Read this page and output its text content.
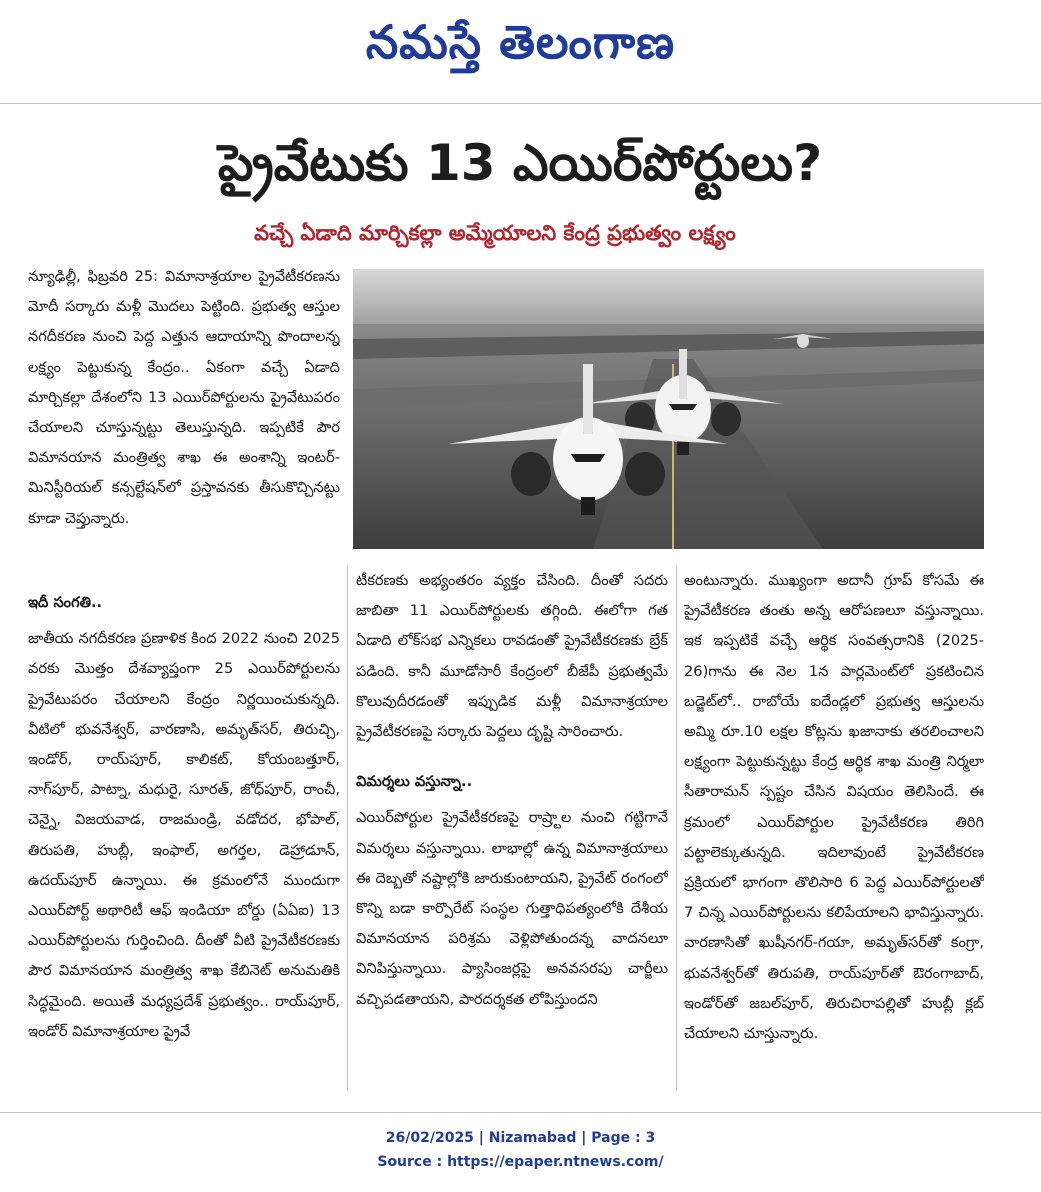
నమస్తే తెలంగాణ
ప్రైవేటుకు 13 ఎయిర్‌పోర్టులు?
వచ్చే ఏడాది మార్చికల్లా అమ్మేయాలని కేంద్ర ప్రభుత్వం లక్ష్యం

న్యూఢిల్లీ, ఫిబ్రవరి 25: విమానాశ్రయాల ప్రైవేటీకరణను మోదీ సర్కారు మళ్లీ మొదలు పెట్టింది. ప్రభుత్వ ఆస్తుల నగదీకరణ నుంచి పెద్ద ఎత్తున ఆదాయాన్ని పొందాలన్న లక్ష్యం పెట్టుకున్న కేంద్రం.. ఏకంగా వచ్చే ఏడాది మార్చికల్లా దేశంలోని 13 ఎయిర్‌పోర్టులను ప్రైవేటుపరం చేయాలని చూస్తున్నట్టు తెలుస్తున్నది. ఇప్పటికే పౌర విమానయాన మంత్రిత్వ శాఖ ఈ అంశాన్ని ఇంటర్-మినిస్టీరియల్ కన్సల్టేషన్‌లో ప్రస్తావనకు తీసుకొచ్చినట్టు కూడా చెప్తున్నారు.

ఇదీ సంగతి..

జాతీయ నగదీకరణ ప్రణాళిక కింద 2022 నుంచి 2025 వరకు మొత్తం దేశవ్యాప్తంగా 25 ఎయిర్‌పోర్టులను ప్రైవేటుపరం చేయాలని కేంద్రం నిర్ణయించుకున్నది. వీటిలో భువనేశ్వర్, వారణాసి, అమృత్‌సర్, తిరుచ్చి, ఇండోర్, రాయ్‌పూర్, కాలికట్, కోయంబత్తూర్, నాగ్‌పూర్, పాట్నా, మధురై, సూరత్, జోధ్‌పూర్, రాంచీ, చెన్నై, విజయవాడ, రాజమండ్రి, వడోదర, భోపాల్, తిరుపతి, హుబ్లీ, ఇంఫాల్, అగర్తల, డెహ్రాడూన్, ఉదయ్‌పూర్ ఉన్నాయి. ఈ క్రమంలోనే ముందుగా ఎయిర్‌పోర్ట్ అథారిటీ ఆఫ్ ఇండియా బోర్డు (ఏఏఐ) 13 ఎయిర్‌పోర్టులను గుర్తించింది. దీంతో వీటి ప్రైవేటీకరణకు పౌర విమానయాన మంత్రిత్వ శాఖ కేబినెట్ అనుమతికి సిద్ధమైంది. అయితే మధ్యప్రదేశ్ ప్రభుత్వం.. రాయ్‌పూర్, ఇండోర్ విమానాశ్రయాల ప్రైవే

టీకరణకు అభ్యంతరం వ్యక్తం చేసింది. దీంతో సదరు జాబితా 11 ఎయిర్‌పోర్టులకు తగ్గింది. ఈలోగా గత ఏడాది లోక్‌సభ ఎన్నికలు రావడంతో ప్రైవేటీకరణకు బ్రేక్ పడింది. కానీ మూడోసారీ కేంద్రంలో బీజేపీ ప్రభుత్వమే కొలువుదీరడంతో ఇప్పుడిక మళ్లీ విమానాశ్రయాల ప్రైవేటీకరణపై సర్కారు పెద్దలు దృష్టి సారించారు.

విమర్శలు వస్తున్నా..

ఎయిర్‌పోర్టుల ప్రైవేటీకరణపై రాష్ర్టాల నుంచి గట్టిగానే విమర్శలు వస్తున్నాయి. లాభాల్లో ఉన్న విమానాశ్రయాలు ఈ దెబ్బతో నష్టాల్లోకి జారుకుంటాయని, ప్రైవేట్ రంగంలో కొన్ని బడా కార్పొరేట్ సంస్థల గుత్తాధిపత్యంలోకి దేశీయ విమానయాన పరిశ్రమ వెళ్లిపోతుందన్న వాదనలూ వినిపిస్తున్నాయి. ప్యాసింజర్లపై అనవసరపు చార్జీలు వచ్చిపడతాయని, పారదర్శకత లోపిస్తుందని

అంటున్నారు. ముఖ్యంగా అదానీ గ్రూప్ కోసమే ఈ ప్రైవేటీకరణ తంతు అన్న ఆరోపణలూ వస్తున్నాయి. ఇక ఇప్పటికే వచ్చే ఆర్థిక సంవత్సరానికి (2025-26)గాను ఈ నెల 1న పార్లమెంట్‌లో ప్రకటించిన బడ్జెట్‌లో.. రాబోయే ఐదేండ్లలో ప్రభుత్వ ఆస్తులను అమ్మి రూ.10 లక్షల కోట్లను ఖజానాకు తరలించాలని లక్ష్యంగా పెట్టుకున్నట్టు కేంద్ర ఆర్థిక శాఖ మంత్రి నిర్మలా సీతారామన్ స్పష్టం చేసిన విషయం తెలిసిందే. ఈ క్రమంలో ఎయిర్‌పోర్టుల ప్రైవేటీకరణ తిరిగి పట్టాలెక్కుతున్నది. ఇదిలావుంటే ప్రైవేటీకరణ ప్రక్రియలో భాగంగా తొలిసారి 6 పెద్ద ఎయిర్‌పోర్టులతో 7 చిన్న ఎయిర్‌పోర్టులను కలిపేయాలని భావిస్తున్నారు. వారణాసితో ఖుషీనగర్-గయా, అమృత్‌సర్‌తో కంగ్రా, భువనేశ్వర్‌తో తిరుపతి, రాయ్‌పూర్‌తో ఔరంగాబాద్, ఇండోర్‌తో జబల్‌పూర్, తిరుచిరాపల్లితో హుబ్లీ క్లబ్ చేయాలని చూస్తున్నారు.

26/02/2025 | Nizamabad | Page : 3
Source : https://epaper.ntnews.com/
